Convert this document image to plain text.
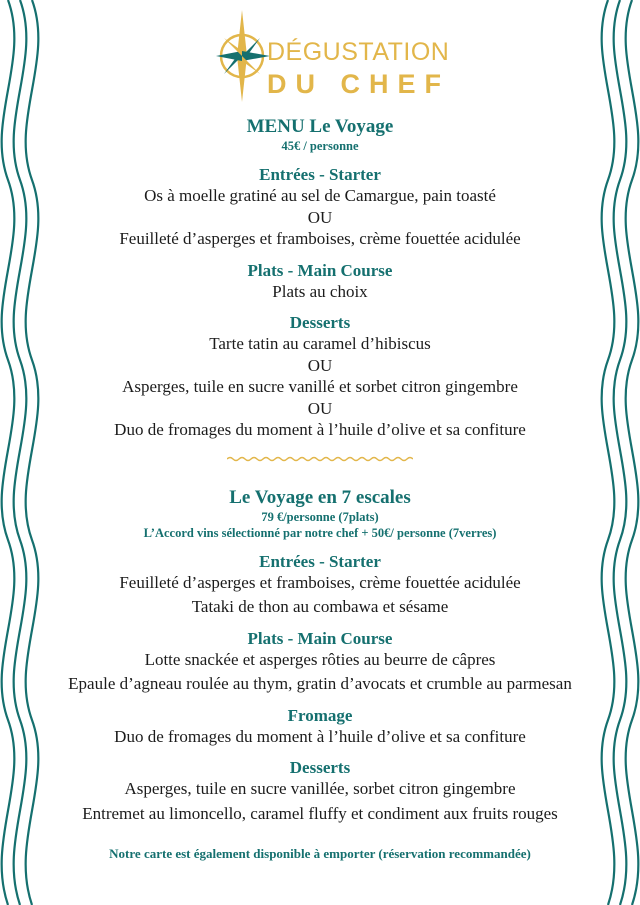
DÉGUSTATION
DU CHEF
MENU Le Voyage
45€ / personne
Entrées - Starter
Os à moelle gratiné au sel de Camargue, pain toasté
OU
Feuilleté d’asperges et framboises, crème fouettée acidulée
Plats - Main Course
Plats au choix
Desserts
Tarte tatin au caramel d’hibiscus
OU
Asperges, tuile en sucre vanillé et sorbet citron gingembre
OU
Duo de fromages du moment à l’huile d’olive et sa confiture
Le Voyage en 7 escales
79 €/personne (7plats)
L’Accord vins sélectionné par notre chef + 50€/ personne (7verres)
Entrées - Starter
Feuilleté d’asperges et framboises, crème fouettée acidulée
Tataki de thon au combawa et sésame
Plats - Main Course
Lotte snackée et asperges rôties au beurre de câpres
Epaule d’agneau roulée au thym, gratin d’avocats et crumble au parmesan
Fromage
Duo de fromages du moment à l’huile d’olive et sa confiture
Desserts
Asperges, tuile en sucre vanillée, sorbet citron gingembre
Entremet au limoncello, caramel fluffy et condiment aux fruits rouges
Notre carte est également disponible à emporter (réservation recommandée)
